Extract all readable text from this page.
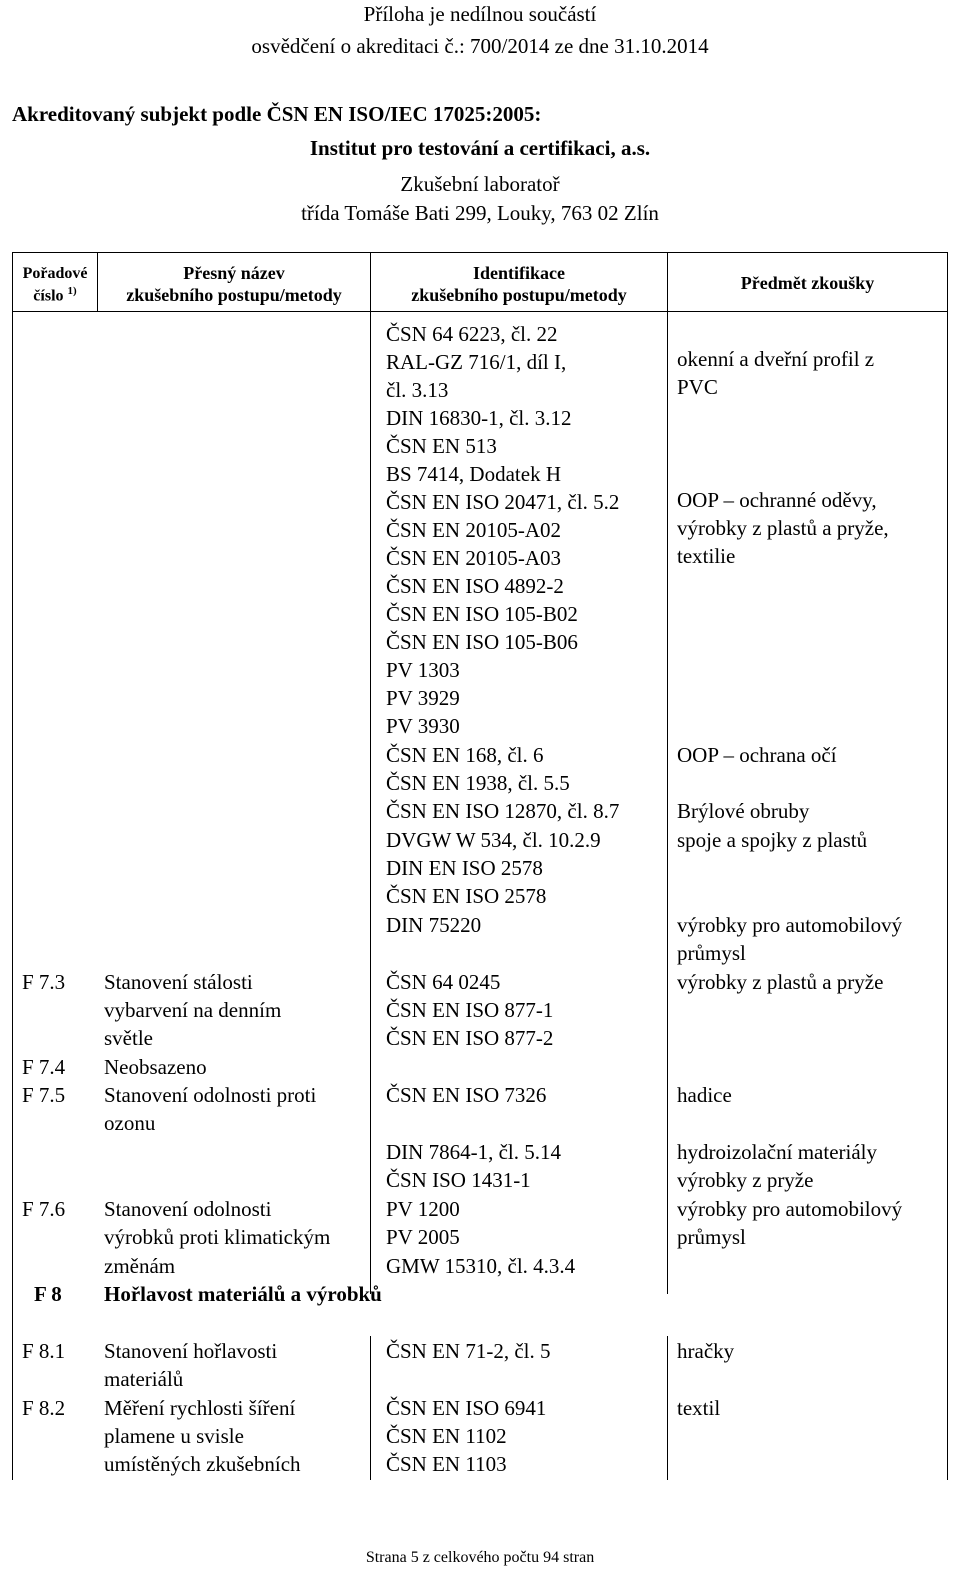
Příloha je nedílnou součástí
osvědčení o akreditaci č.: 700/2014 ze dne 31.10.2014
Akreditovaný subjekt podle ČSN EN ISO/IEC 17025:2005:
Institut pro testování a certifikaci, a.s.
Zkušební laboratoř
třída Tomáše Bati 299, Louky, 763 02 Zlín
Pořadové
číslo $^{1)}$
Přesný název
zkušebního postupu/metody
Identifikace
zkušebního postupu/metody
Předmět zkoušky
ČSN 64 6223, čl. 22
RAL-GZ 716/1, díl I,
čl. 3.13
DIN 16830-1, čl. 3.12
ČSN EN 513
BS 7414, Dodatek H
ČSN EN ISO 20471, čl. 5.2
ČSN EN 20105-A02
ČSN EN 20105-A03
ČSN EN ISO 4892-2
ČSN EN ISO 105-B02
ČSN EN ISO 105-B06
PV 1303
PV 3929
PV 3930
ČSN EN 168, čl. 6
ČSN EN 1938, čl. 5.5
ČSN EN ISO 12870, čl. 8.7
DVGW W 534, čl. 10.2.9
DIN EN ISO 2578
ČSN EN ISO 2578
DIN 75220
ČSN 64 0245
ČSN EN ISO 877-1
ČSN EN ISO 877-2
ČSN EN ISO 7326
DIN 7864-1, čl. 5.14
ČSN ISO 1431-1
PV 1200
PV 2005
GMW 15310, čl. 4.3.4
ČSN EN 71-2, čl. 5
ČSN EN ISO 6941
ČSN EN 1102
ČSN EN 1103
okenní a dveřní profil z
PVC
OOP – ochranné oděvy,
výrobky z plastů a pryže,
textilie
OOP – ochrana očí
Brýlové obruby
spoje a spojky z plastů
výrobky pro automobilový
průmysl
výrobky z plastů a pryže
hadice
hydroizolační materiály
výrobky z pryže
výrobky pro automobilový
průmysl
hračky
textil
F 7.3
F 7.4
F 7.5
F 7.6
F 8
F 8.1
F 8.2
Stanovení stálosti
vybarvení na denním
světle
Neobsazeno
Stanovení odolnosti proti
ozonu
Stanovení odolnosti
výrobků proti klimatickým
změnám
Hořlavost materiálů a výrobků
Stanovení hořlavosti
materiálů
Měření rychlosti šíření
plamene u svisle
umístěných zkušebních
Strana 5 z celkového počtu 94 stran
